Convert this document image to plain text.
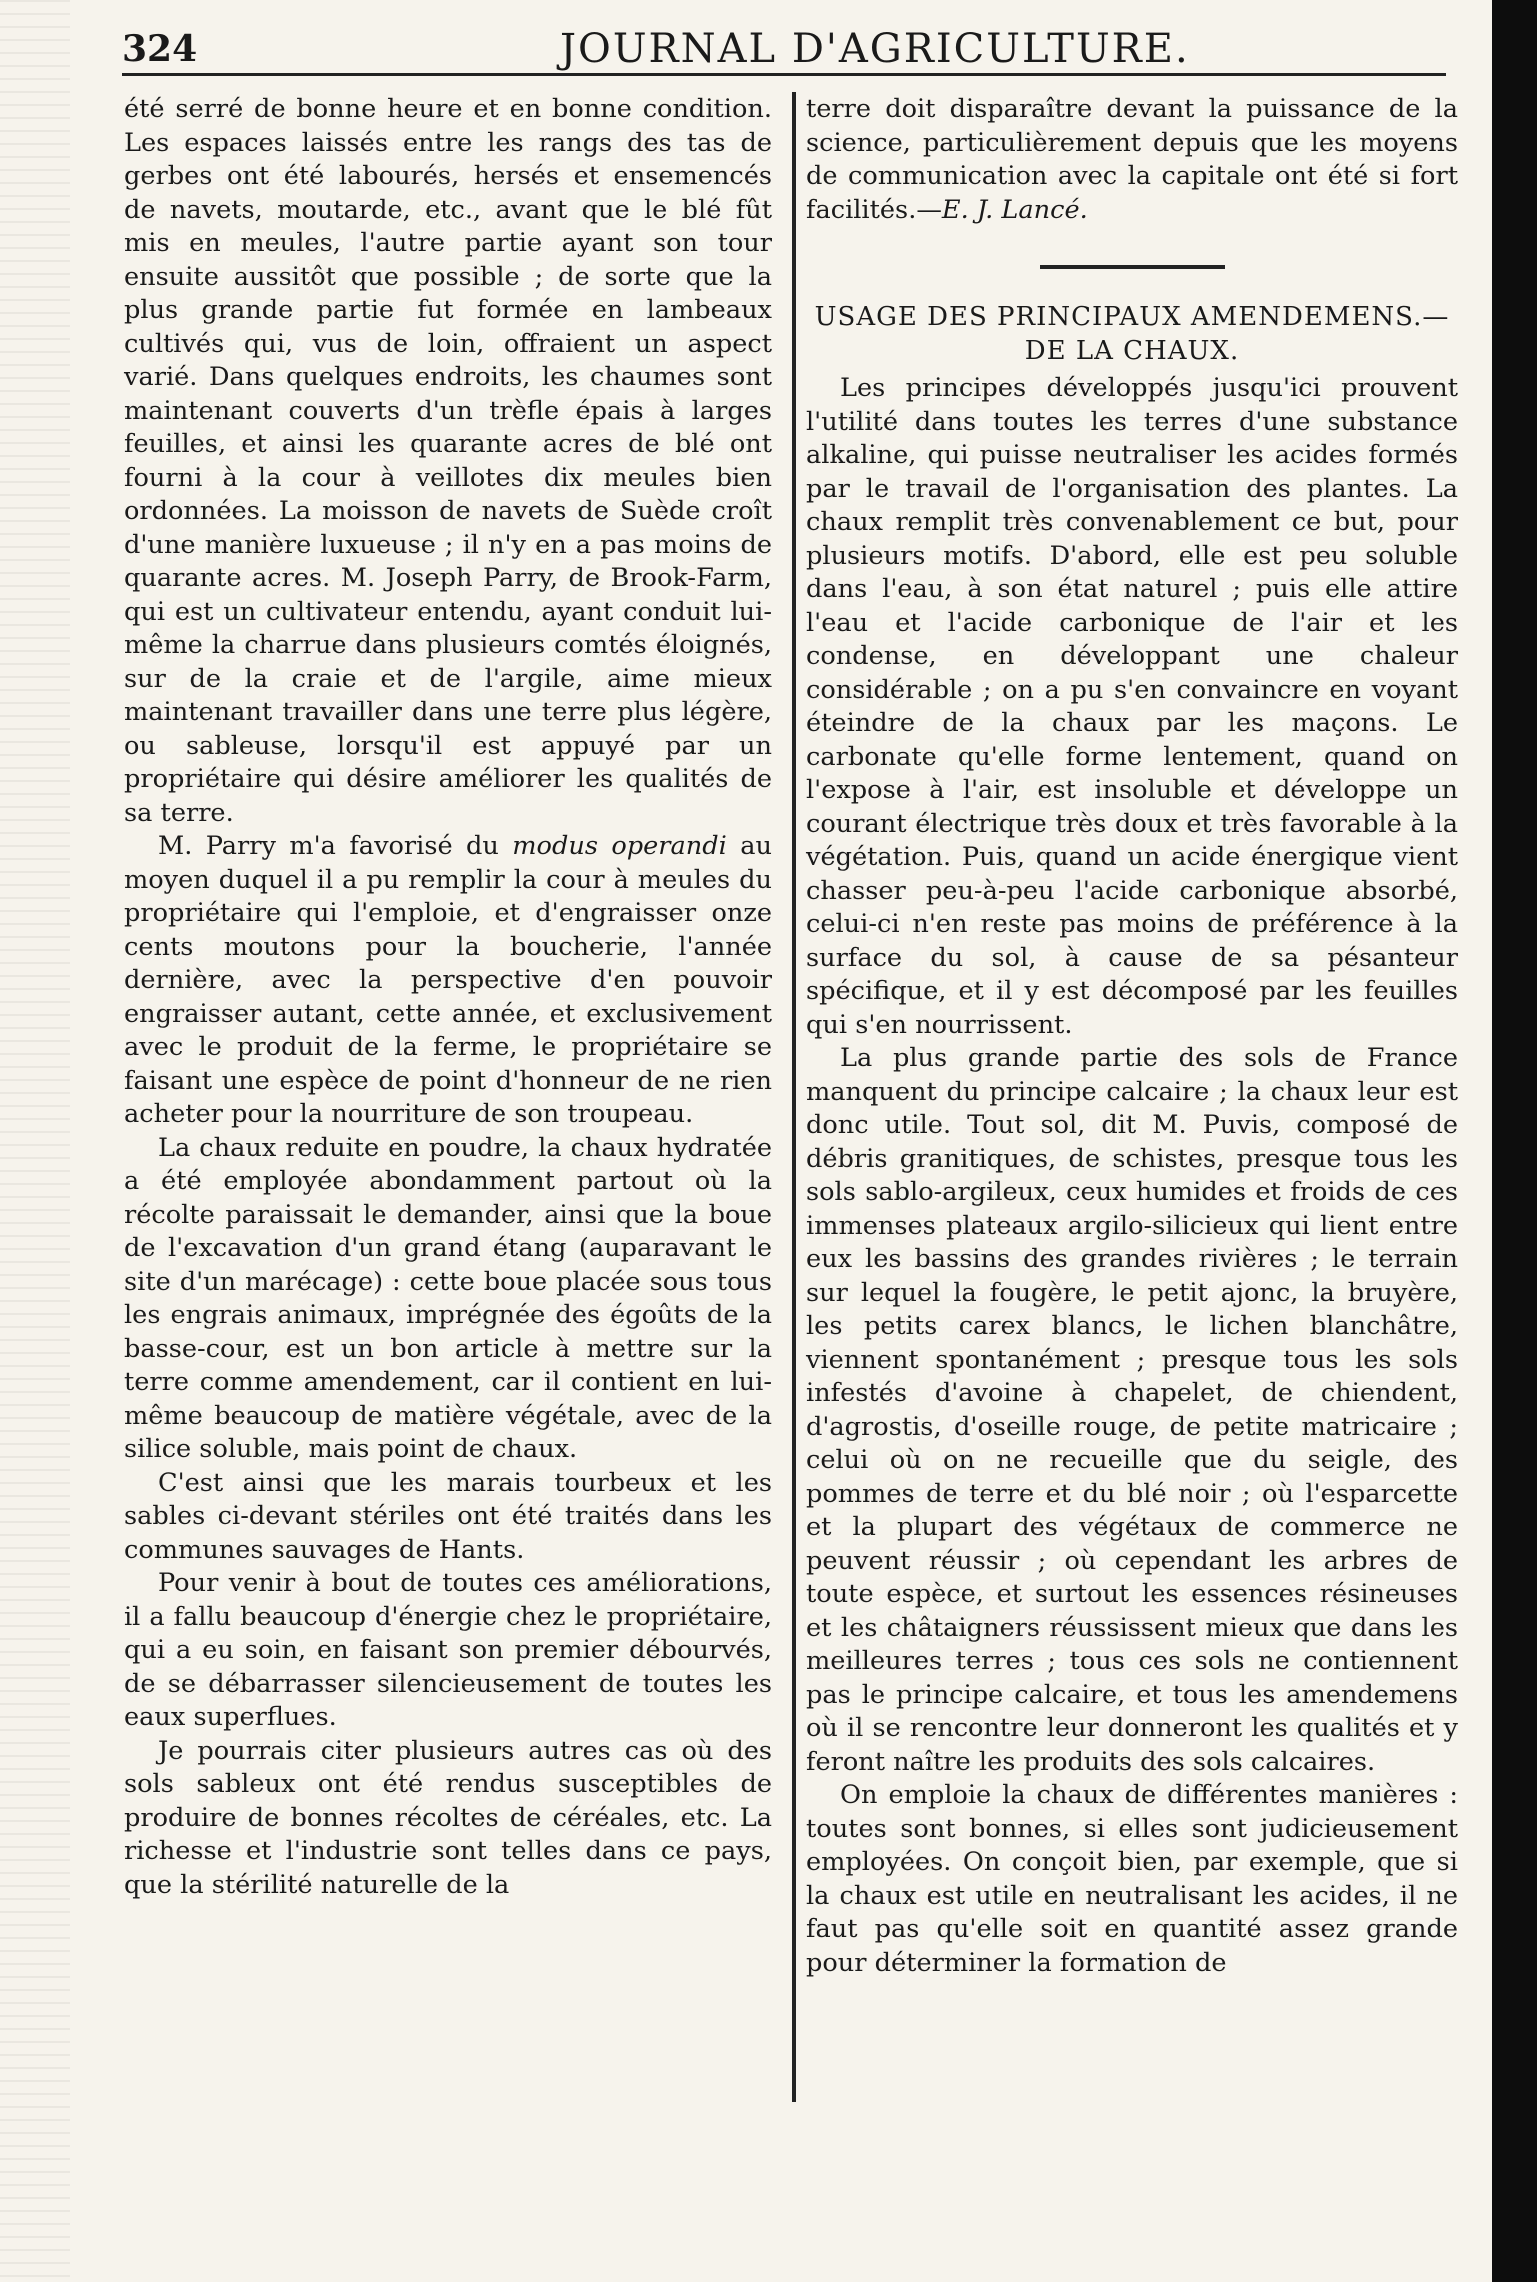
324	JOURNAL D'AGRICULTURE.

été serré de bonne heure et en bonne condition. Les espaces laissés entre les rangs des tas de gerbes ont été labourés, hersés et ensemencés de navets, moutarde, etc., avant que le blé fût mis en meules, l'autre partie ayant son tour ensuite aussitôt que possible ; de sorte que la plus grande partie fut formée en lambeaux cultivés qui, vus de loin, offraient un aspect varié. Dans quelques endroits, les chaumes sont maintenant couverts d'un trèfle épais à larges feuilles, et ainsi les quarante acres de blé ont fourni à la cour à veillotes dix meules bien ordonnées. La moisson de navets de Suède croît d'une manière luxueuse ; il n'y en a pas moins de quarante acres. M. Joseph Parry, de Brook-Farm, qui est un cultivateur entendu, ayant conduit lui-même la charrue dans plusieurs comtés éloignés, sur de la craie et de l'argile, aime mieux maintenant travailler dans une terre plus légère, ou sableuse, lorsqu'il est appuyé par un propriétaire qui désire améliorer les qualités de sa terre.

M. Parry m'a favorisé du modus operandi au moyen duquel il a pu remplir la cour à meules du propriétaire qui l'emploie, et d'engraisser onze cents moutons pour la boucherie, l'année dernière, avec la perspective d'en pouvoir engraisser autant, cette année, et exclusivement avec le produit de la ferme, le propriétaire se faisant une espèce de point d'honneur de ne rien acheter pour la nourriture de son troupeau.

La chaux reduite en poudre, la chaux hydratée a été employée abondamment partout où la récolte paraissait le demander, ainsi que la boue de l'excavation d'un grand étang (auparavant le site d'un marécage) : cette boue placée sous tous les engrais animaux, imprégnée des égoûts de la basse-cour, est un bon article à mettre sur la terre comme amendement, car il contient en lui-même beaucoup de matière végétale, avec de la silice soluble, mais point de chaux.

C'est ainsi que les marais tourbeux et les sables ci-devant stériles ont été traités dans les communes sauvages de Hants.

Pour venir à bout de toutes ces améliorations, il a fallu beaucoup d'énergie chez le propriétaire, qui a eu soin, en faisant son premier débourvés, de se débarrasser silencieusement de toutes les eaux superflues.

Je pourrais citer plusieurs autres cas où des sols sableux ont été rendus susceptibles de produire de bonnes récoltes de céréales, etc. La richesse et l'industrie sont telles dans ce pays, que la stérilité naturelle de la

terre doit disparaître devant la puissance de la science, particulièrement depuis que les moyens de communication avec la capitale ont été si fort facilités.—E. J. Lancé.

USAGE DES PRINCIPAUX AMENDEMENS.—
DE LA CHAUX.

Les principes développés jusqu'ici prouvent l'utilité dans toutes les terres d'une substance alkaline, qui puisse neutraliser les acides formés par le travail de l'organisation des plantes. La chaux remplit très convenablement ce but, pour plusieurs motifs. D'abord, elle est peu soluble dans l'eau, à son état naturel ; puis elle attire l'eau et l'acide carbonique de l'air et les condense, en développant une chaleur considérable ; on a pu s'en convaincre en voyant éteindre de la chaux par les maçons. Le carbonate qu'elle forme lentement, quand on l'expose à l'air, est insoluble et développe un courant électrique très doux et très favorable à la végétation. Puis, quand un acide énergique vient chasser peu-à-peu l'acide carbonique absorbé, celui-ci n'en reste pas moins de préférence à la surface du sol, à cause de sa pésanteur spécifique, et il y est décomposé par les feuilles qui s'en nourrissent.

La plus grande partie des sols de France manquent du principe calcaire ; la chaux leur est donc utile. Tout sol, dit M. Puvis, composé de débris granitiques, de schistes, presque tous les sols sablo-argileux, ceux humides et froids de ces immenses plateaux argilo-silicieux qui lient entre eux les bassins des grandes rivières ; le terrain sur lequel la fougère, le petit ajonc, la bruyère, les petits carex blancs, le lichen blanchâtre, viennent spontanément ; presque tous les sols infestés d'avoine à chapelet, de chiendent, d'agrostis, d'oseille rouge, de petite matricaire ; celui où on ne recueille que du seigle, des pommes de terre et du blé noir ; où l'esparcette et la plupart des végétaux de commerce ne peuvent réussir ; où cependant les arbres de toute espèce, et surtout les essences résineuses et les châtaigners réussissent mieux que dans les meilleures terres ; tous ces sols ne contiennent pas le principe calcaire, et tous les amendemens où il se rencontre leur donneront les qualités et y feront naître les produits des sols calcaires.

On emploie la chaux de différentes manières : toutes sont bonnes, si elles sont judicieusement employées. On conçoit bien, par exemple, que si la chaux est utile en neutralisant les acides, il ne faut pas qu'elle soit en quantité assez grande pour déterminer la formation de
